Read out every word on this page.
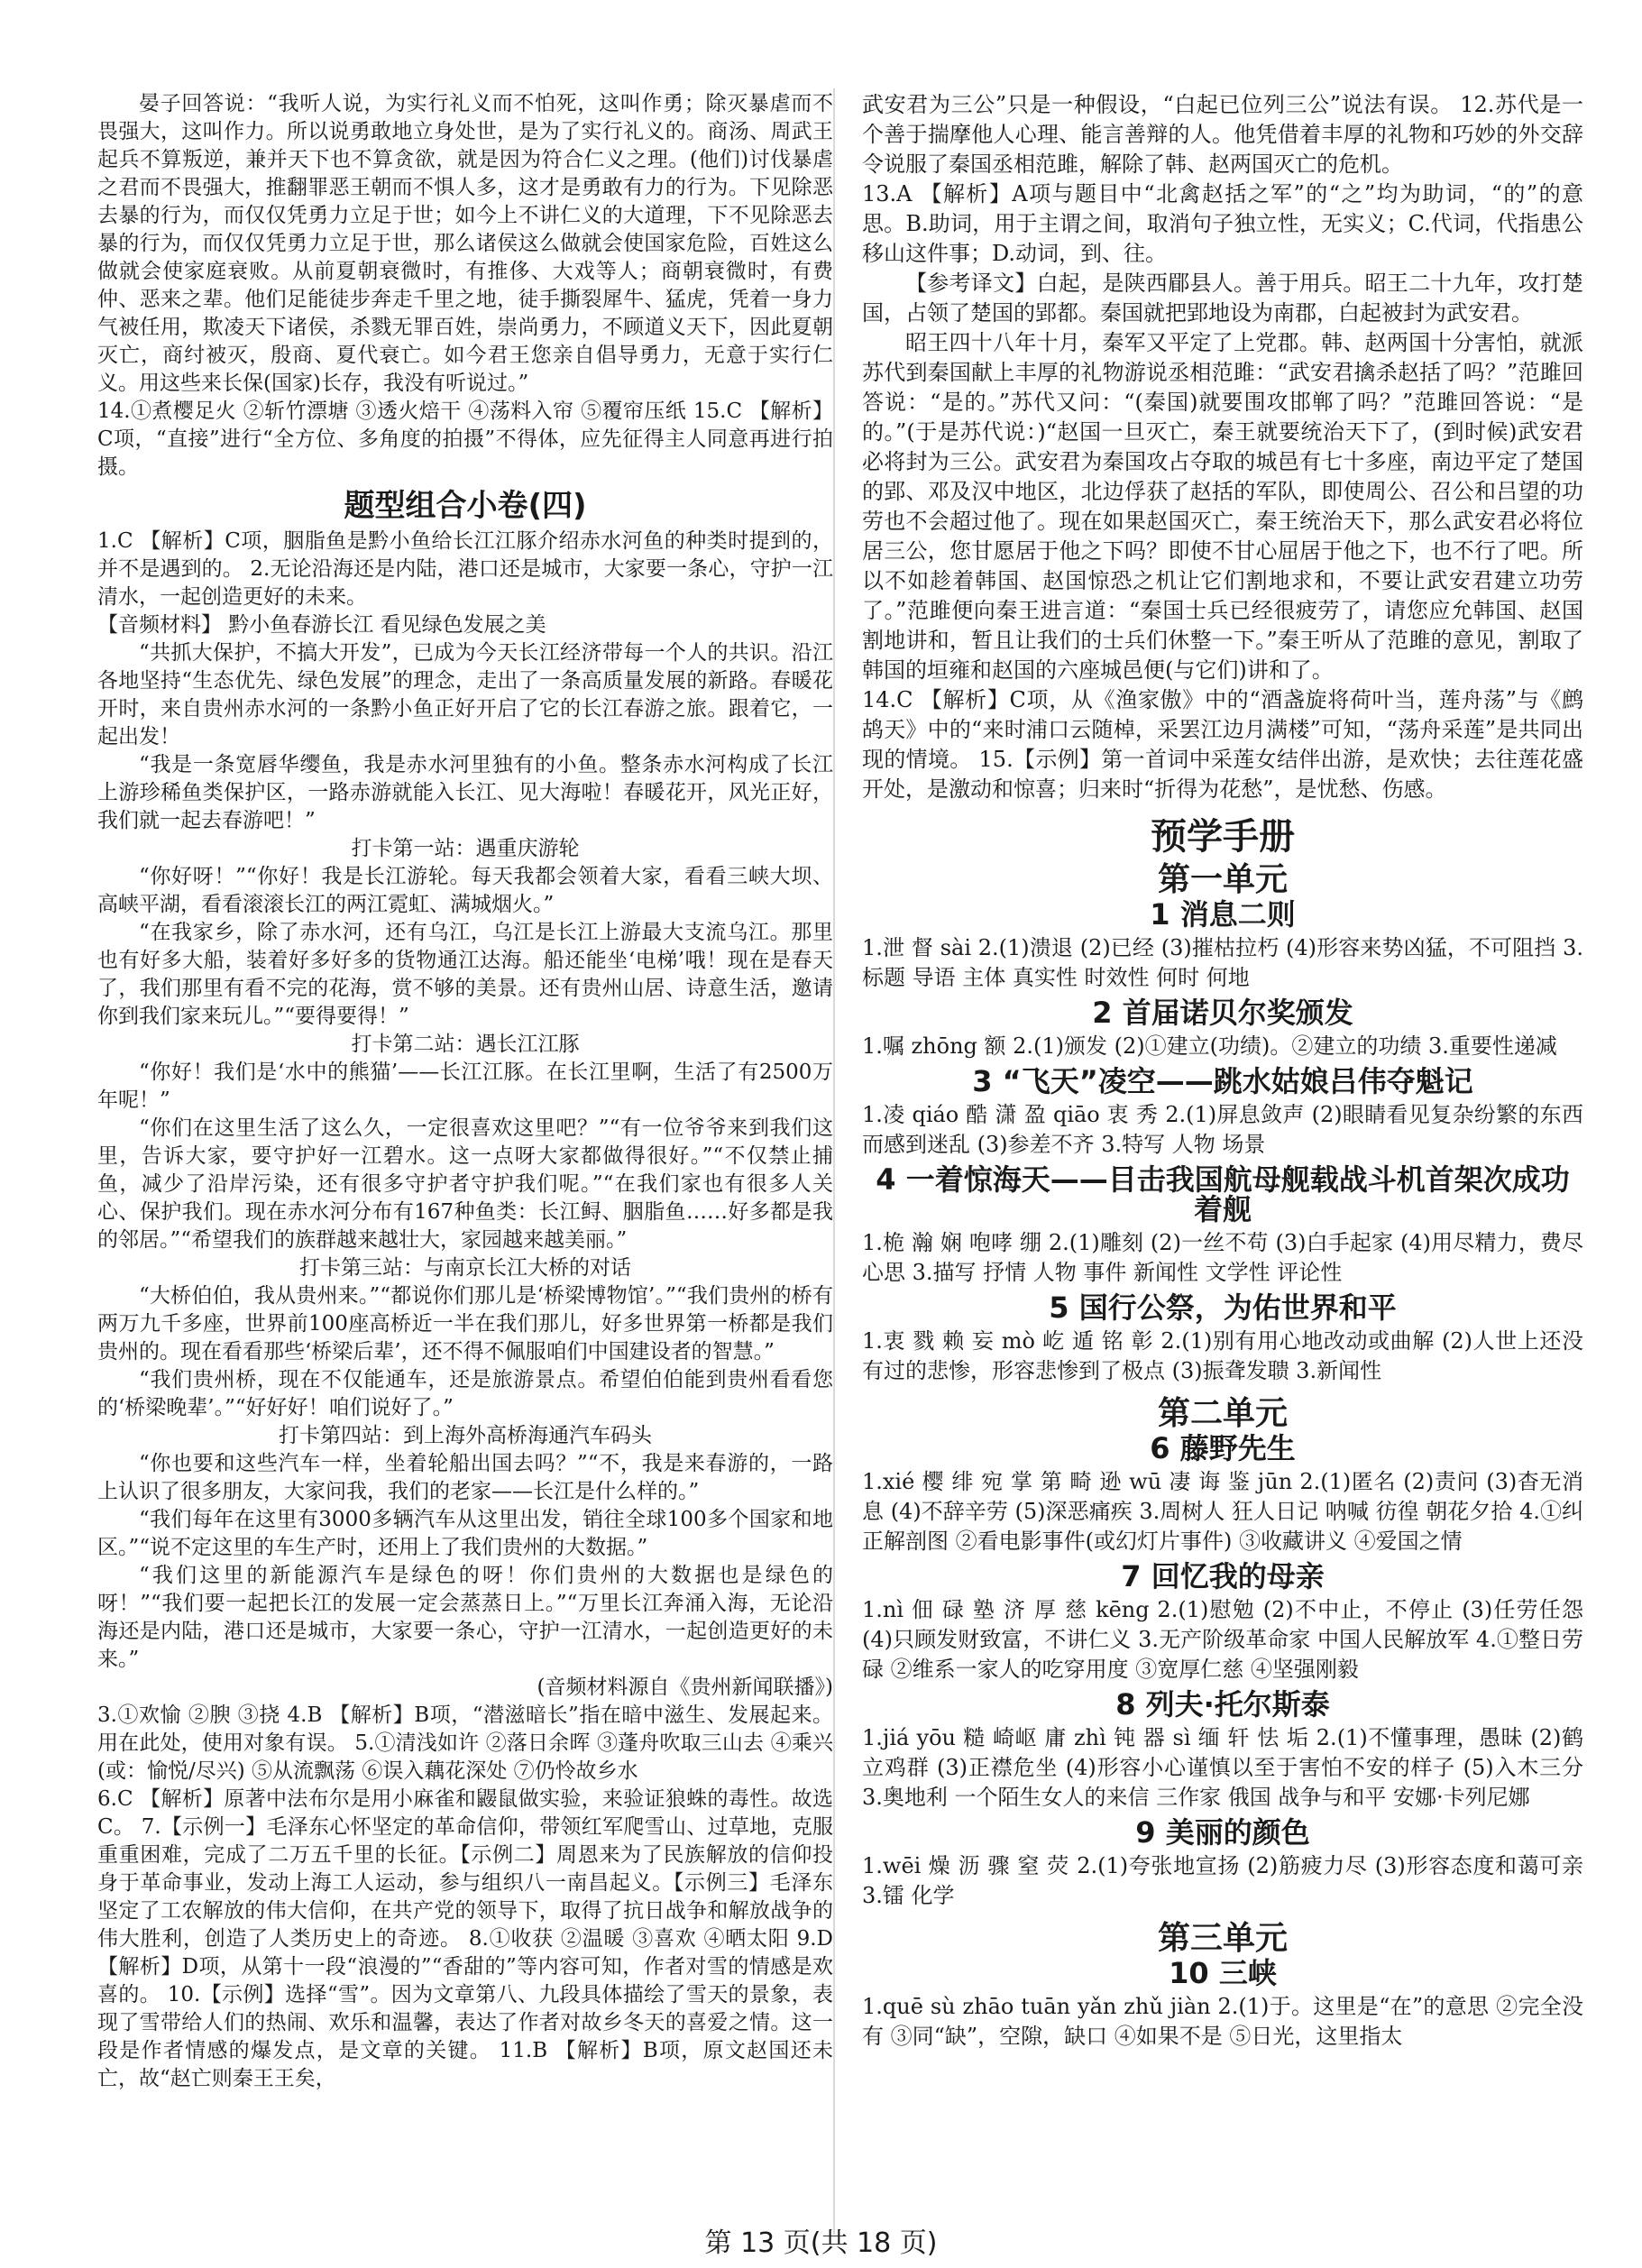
晏子回答说：“我听人说，为实行礼义而不怕死，这叫作勇；除灭暴虐而不畏强大，这叫作力。所以说勇敢地立身处世，是为了实行礼义的。商汤、周武王起兵不算叛逆，兼并天下也不算贪欲，就是因为符合仁义之理。(他们)讨伐暴虐之君而不畏强大，推翻罪恶王朝而不惧人多，这才是勇敢有力的行为。下见除恶去暴的行为，而仅仅凭勇力立足于世；如今上不讲仁义的大道理，下不见除恶去暴的行为，而仅仅凭勇力立足于世，那么诸侯这么做就会使国家危险，百姓这么做就会使家庭衰败。从前夏朝衰微时，有推侈、大戏等人；商朝衰微时，有费仲、恶来之辈。他们足能徒步奔走千里之地，徒手撕裂犀牛、猛虎，凭着一身力气被任用，欺凌天下诸侯，杀戮无罪百姓，崇尚勇力，不顾道义天下，因此夏朝灭亡，商纣被灭，殷商、夏代衰亡。如今君王您亲自倡导勇力，无意于实行仁义。用这些来长保(国家)长存，我没有听说过。”

14.①煮樱足火 ②斩竹漂塘 ③透火焙干 ④荡料入帘 ⑤覆帘压纸 15.C 【解析】C项，“直接”进行“全方位、多角度的拍摄”不得体，应先征得主人同意再进行拍摄。

题型组合小卷(四)

1.C 【解析】C项，胭脂鱼是黔小鱼给长江江豚介绍赤水河鱼的种类时提到的，并不是遇到的。 2.无论沿海还是内陆，港口还是城市，大家要一条心，守护一江清水，一起创造更好的未来。

【音频材料】 黔小鱼春游长江 看见绿色发展之美

“共抓大保护，不搞大开发”，已成为今天长江经济带每一个人的共识。沿江各地坚持“生态优先、绿色发展”的理念，走出了一条高质量发展的新路。春暖花开时，来自贵州赤水河的一条黔小鱼正好开启了它的长江春游之旅。跟着它，一起出发！

“我是一条宽唇华缨鱼，我是赤水河里独有的小鱼。整条赤水河构成了长江上游珍稀鱼类保护区，一路赤游就能入长江、见大海啦！春暖花开，风光正好，我们就一起去春游吧！”

打卡第一站：遇重庆游轮

“你好呀！”“你好！我是长江游轮。每天我都会领着大家，看看三峡大坝、高峡平湖，看看滚滚长江的两江霓虹、满城烟火。”

“在我家乡，除了赤水河，还有乌江，乌江是长江上游最大支流乌江。那里也有好多大船，装着好多好多的货物通江达海。船还能坐‘电梯’哦！现在是春天了，我们那里有看不完的花海，赏不够的美景。还有贵州山居、诗意生活，邀请你到我们家来玩儿。”“要得要得！”

打卡第二站：遇长江江豚

“你好！我们是‘水中的熊猫’——长江江豚。在长江里啊，生活了有2500万年呢！”

“你们在这里生活了这么久，一定很喜欢这里吧？”“有一位爷爷来到我们这里，告诉大家，要守护好一江碧水。这一点呀大家都做得很好。”“不仅禁止捕鱼，减少了沿岸污染，还有很多守护者守护我们呢。”“在我们家也有很多人关心、保护我们。现在赤水河分布有167种鱼类：长江鲟、胭脂鱼……好多都是我的邻居。”“希望我们的族群越来越壮大，家园越来越美丽。”

打卡第三站：与南京长江大桥的对话

“大桥伯伯，我从贵州来。”“都说你们那儿是‘桥梁博物馆’。”“我们贵州的桥有两万九千多座，世界前100座高桥近一半在我们那儿，好多世界第一桥都是我们贵州的。现在看看那些‘桥梁后辈’，还不得不佩服咱们中国建设者的智慧。”

“我们贵州桥，现在不仅能通车，还是旅游景点。希望伯伯能到贵州看看您的‘桥梁晚辈’。”“好好好！咱们说好了。”

打卡第四站：到上海外高桥海通汽车码头

“你也要和这些汽车一样，坐着轮船出国去吗？”“不，我是来春游的，一路上认识了很多朋友，大家问我，我们的老家——长江是什么样的。”

“我们每年在这里有3000多辆汽车从这里出发，销往全球100多个国家和地区。”“说不定这里的车生产时，还用上了我们贵州的大数据。”

“我们这里的新能源汽车是绿色的呀！你们贵州的大数据也是绿色的呀！”“我们要一起把长江的发展一定会蒸蒸日上。”“万里长江奔涌入海，无论沿海还是内陆，港口还是城市，大家要一条心，守护一江清水，一起创造更好的未来。”

(音频材料源自《贵州新闻联播》)

3.①欢愉 ②腴 ③挠 4.B 【解析】B项，“潜滋暗长”指在暗中滋生、发展起来。用在此处，使用对象有误。 5.①清浅如许 ②落日余晖 ③蓬舟吹取三山去 ④乘兴(或：愉悦/尽兴) ⑤从流飘荡 ⑥误入藕花深处 ⑦仍怜故乡水

6.C 【解析】原著中法布尔是用小麻雀和鼹鼠做实验，来验证狼蛛的毒性。故选C。 7.【示例一】毛泽东心怀坚定的革命信仰，带领红军爬雪山、过草地，克服重重困难，完成了二万五千里的长征。【示例二】周恩来为了民族解放的信仰投身于革命事业，发动上海工人运动，参与组织八一南昌起义。【示例三】毛泽东坚定了工农解放的伟大信仰，在共产党的领导下，取得了抗日战争和解放战争的伟大胜利，创造了人类历史上的奇迹。 8.①收获 ②温暖 ③喜欢 ④晒太阳 9.D 【解析】D项，从第十一段“浪漫的”“香甜的”等内容可知，作者对雪的情感是欢喜的。 10.【示例】选择“雪”。因为文章第八、九段具体描绘了雪天的景象，表现了雪带给人们的热闹、欢乐和温馨，表达了作者对故乡冬天的喜爱之情。这一段是作者情感的爆发点，是文章的关键。 11.B 【解析】B项，原文赵国还未亡，故“赵亡则秦王王矣，

武安君为三公”只是一种假设，“白起已位列三公”说法有误。 12.苏代是一个善于揣摩他人心理、能言善辩的人。他凭借着丰厚的礼物和巧妙的外交辞令说服了秦国丞相范雎，解除了韩、赵两国灭亡的危机。

13.A 【解析】A项与题目中“北禽赵括之军”的“之”均为助词，“的”的意思。B.助词，用于主谓之间，取消句子独立性，无实义；C.代词，代指患公移山这件事；D.动词，到、往。

【参考译文】白起，是陕西郿县人。善于用兵。昭王二十九年，攻打楚国，占领了楚国的郢都。秦国就把郢地设为南郡，白起被封为武安君。

昭王四十八年十月，秦军又平定了上党郡。韩、赵两国十分害怕，就派苏代到秦国献上丰厚的礼物游说丞相范雎：“武安君擒杀赵括了吗？”范雎回答说：“是的。”苏代又问：“(秦国)就要围攻邯郸了吗？”范雎回答说：“是的。”(于是苏代说：)“赵国一旦灭亡，秦王就要统治天下了，(到时候)武安君必将封为三公。武安君为秦国攻占夺取的城邑有七十多座，南边平定了楚国的郢、邓及汉中地区，北边俘获了赵括的军队，即使周公、召公和吕望的功劳也不会超过他了。现在如果赵国灭亡，秦王统治天下，那么武安君必将位居三公，您甘愿居于他之下吗？即使不甘心屈居于他之下，也不行了吧。所以不如趁着韩国、赵国惊恐之机让它们割地求和，不要让武安君建立功劳了。”范雎便向秦王进言道：“秦国士兵已经很疲劳了，请您应允韩国、赵国割地讲和，暂且让我们的士兵们休整一下。”秦王听从了范雎的意见，割取了韩国的垣雍和赵国的六座城邑便(与它们)讲和了。

14.C 【解析】C项，从《渔家傲》中的“酒盏旋将荷叶当，莲舟荡”与《鹧鸪天》中的“来时浦口云随棹，采罢江边月满楼”可知，“荡舟采莲”是共同出现的情境。 15.【示例】第一首词中采莲女结伴出游，是欢快；去往莲花盛开处，是激动和惊喜；归来时“折得为花愁”，是忧愁、伤感。

预学手册
第一单元
1 消息二则

1.泄 督 sài 2.(1)溃退 (2)已经 (3)摧枯拉朽 (4)形容来势凶猛，不可阻挡 3.标题 导语 主体 真实性 时效性 何时 何地

2 首届诺贝尔奖颁发

1.嘱 zhōng 额 2.(1)颁发 (2)①建立(功绩)。②建立的功绩 3.重要性递减

3 “飞天”凌空——跳水姑娘吕伟夺魁记

1.凌 qiáo 酷 潇 盈 qiāo 衷 秀 2.(1)屏息敛声 (2)眼睛看见复杂纷繁的东西而感到迷乱 (3)参差不齐 3.特写 人物 场景

4 一着惊海天——目击我国航母舰载战斗机首架次成功着舰

1.桅 瀚 娴 咆哮 绷 2.(1)雕刻 (2)一丝不苟 (3)白手起家 (4)用尽精力，费尽心思 3.描写 抒情 人物 事件 新闻性 文学性 评论性

5 国行公祭，为佑世界和平

1.衷 戮 赖 妄 mò 屹 遁 铭 彰 2.(1)别有用心地改动或曲解 (2)人世上还没有过的悲惨，形容悲惨到了极点 (3)振聋发聩 3.新闻性

第二单元
6 藤野先生

1.xié 樱 绯 宛 掌 第 畸 逊 wū 凄 诲 鉴 jūn 2.(1)匿名 (2)责问 (3)杳无消息 (4)不辞辛劳 (5)深恶痛疾 3.周树人 狂人日记 呐喊 彷徨 朝花夕拾 4.①纠正解剖图 ②看电影事件(或幻灯片事件) ③收藏讲义 ④爱国之情

7 回忆我的母亲

1.nì 佃 碌 塾 济 厚 慈 kēng 2.(1)慰勉 (2)不中止，不停止 (3)任劳任怨 (4)只顾发财致富，不讲仁义 3.无产阶级革命家 中国人民解放军 4.①整日劳碌 ②维系一家人的吃穿用度 ③宽厚仁慈 ④坚强刚毅

8 列夫·托尔斯泰

1.jiá yōu 糙 崎岖 庸 zhì 钝 器 sì 缅 轩 怯 垢 2.(1)不懂事理，愚昧 (2)鹤立鸡群 (3)正襟危坐 (4)形容小心谨慎以至于害怕不安的样子 (5)入木三分 3.奥地利 一个陌生女人的来信 三作家 俄国 战争与和平 安娜·卡列尼娜

9 美丽的颜色

1.wēi 燥 沥 骤 窒 荧 2.(1)夸张地宣扬 (2)筋疲力尽 (3)形容态度和蔼可亲 3.镭 化学

第三单元
10 三峡

1.quē sù zhāo tuān yǎn zhǔ jiàn 2.(1)于。这里是“在”的意思 ②完全没有 ③同“缺”，空隙，缺口 ④如果不是 ⑤日光，这里指太

第 13 页(共 18 页)
